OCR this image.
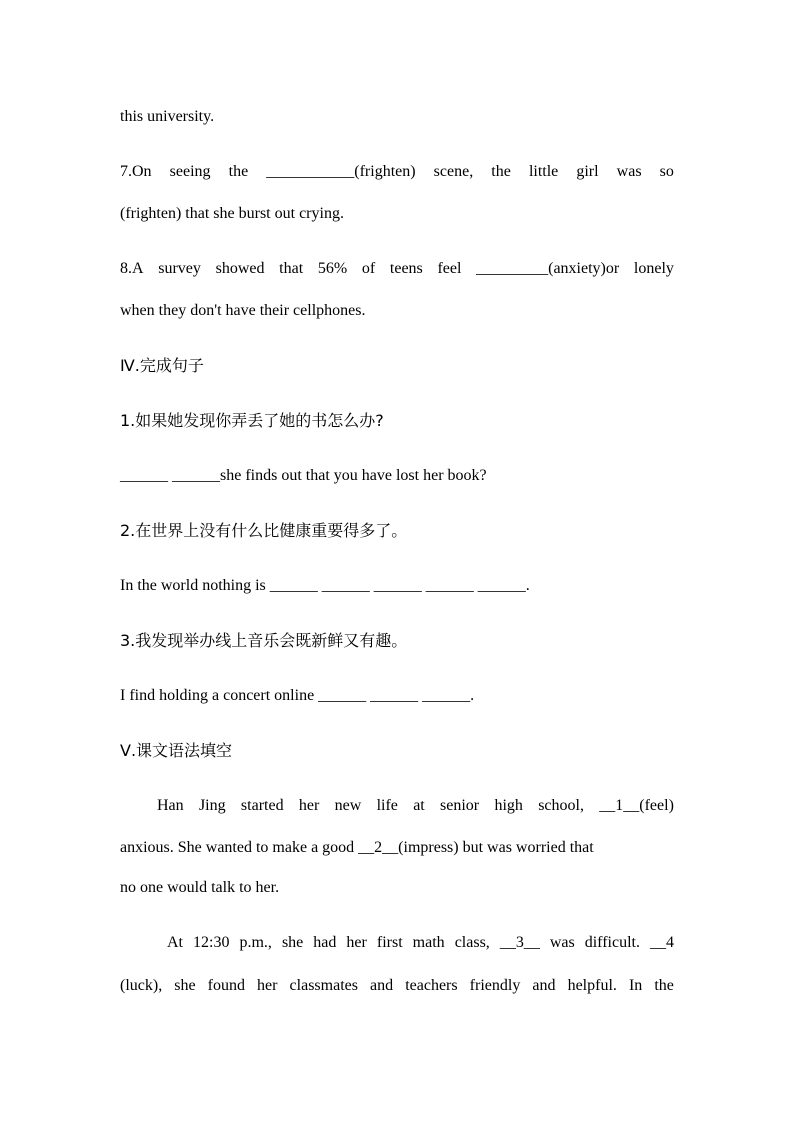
this university.

7.On seeing the ___________(frighten) scene, the little girl was so

(frighten) that she burst out crying.

8.A survey showed that 56% of teens feel _________(anxiety)or lonely

when they don't have their cellphones.

Ⅳ.完成句子

1.如果她发现你弄丢了她的书怎么办?

______ ______she finds out that you have lost her book?

2.在世界上没有什么比健康重要得多了。

In the world nothing is ______ ______ ______ ______ ______.

3.我发现举办线上音乐会既新鲜又有趣。

I find holding a concert online ______ ______ ______.

Ⅴ.课文语法填空

Han Jing started her new life at senior high school, __1__(feel)

anxious. She wanted to make a good __2__(impress) but was worried that

no one would talk to her.

At 12:30 p.m., she had her first math class, __3__ was difficult. __4

(luck), she found her classmates and teachers friendly and helpful. In the
